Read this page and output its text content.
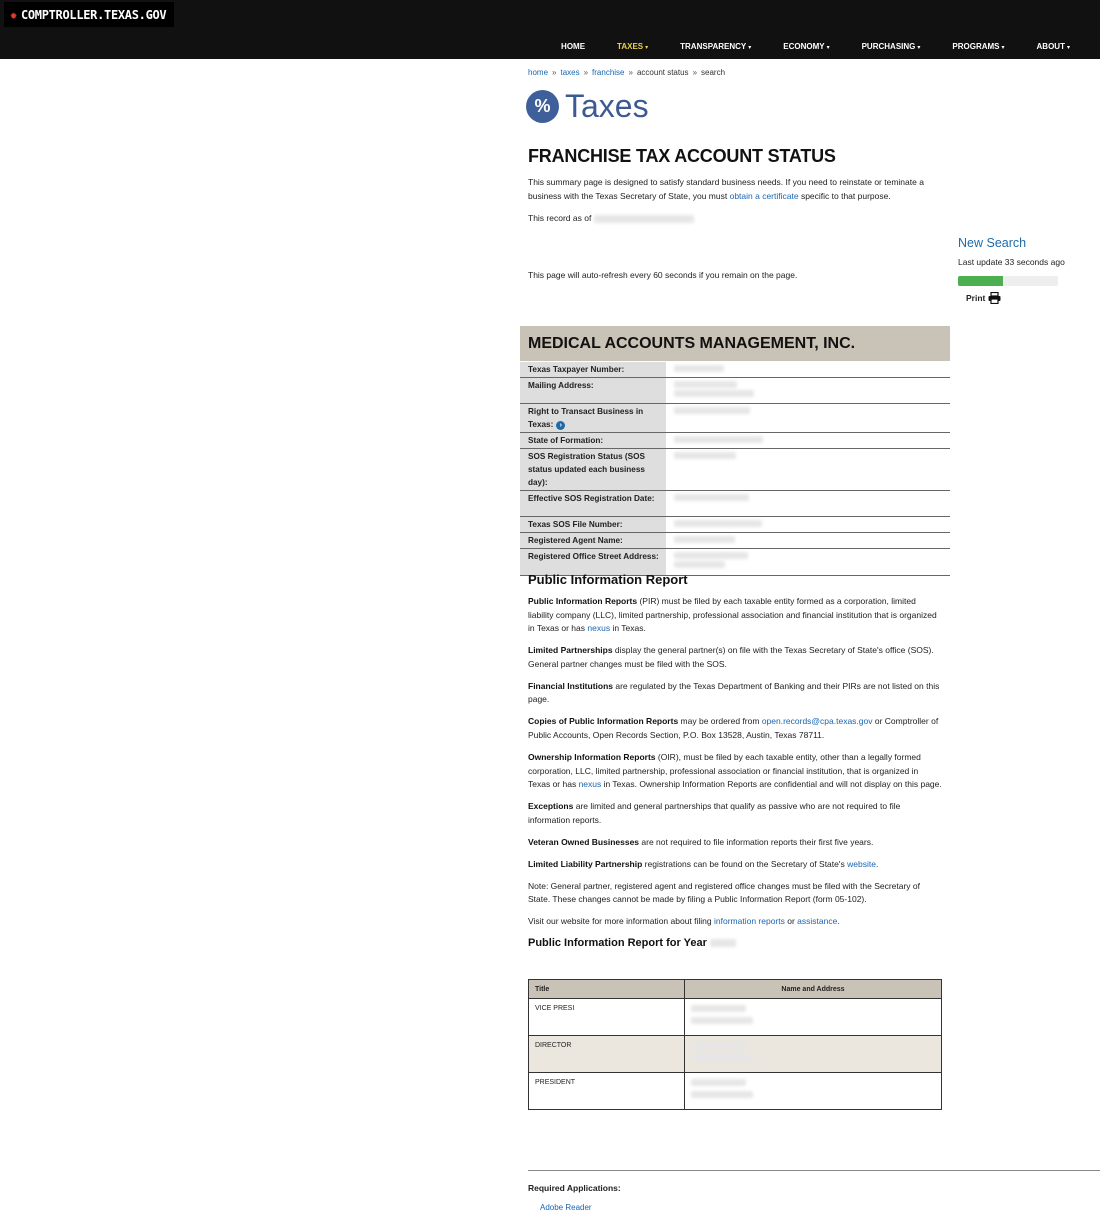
✹ COMPTROLLER.TEXAS.GOV
HOME	TAXES ▾	TRANSPARENCY ▾	ECONOMY ▾	PURCHASING ▾	PROGRAMS ▾	ABOUT ▾
home » taxes » franchise » account status » search
% Taxes
FRANCHISE TAX ACCOUNT STATUS
This summary page is designed to satisfy standard business needs. If you need to reinstate or teminate a business with the Texas Secretary of State, you must obtain a certificate specific to that purpose.
This record as of
This page will auto-refresh every 60 seconds if you remain on the page.
New Search
Last update 33 seconds ago
Print
MEDICAL ACCOUNTS MANAGEMENT, INC.
Texas Taxpayer Number:	

Mailing Address:	

Right to Transact Business in Texas: ›	

State of Formation:	

SOS Registration Status (SOS status updated each business day):	

Effective SOS Registration Date:	

Texas SOS File Number:	

Registered Agent Name:	

Registered Office Street Address:	

Public Information Report

Public Information Reports (PIR) must be filed by each taxable entity formed as a corporation, limited liability company (LLC), limited partnership, professional association and financial institution that is organized in Texas or has nexus in Texas.

Limited Partnerships display the general partner(s) on file with the Texas Secretary of State's office (SOS). General partner changes must be filed with the SOS.

Financial Institutions are regulated by the Texas Department of Banking and their PIRs are not listed on this page.

Copies of Public Information Reports may be ordered from open.records@cpa.texas.gov or Comptroller of Public Accounts, Open Records Section, P.O. Box 13528, Austin, Texas 78711.

Ownership Information Reports (OIR), must be filed by each taxable entity, other than a legally formed corporation, LLC, limited partnership, professional association or financial institution, that is organized in Texas or has nexus in Texas. Ownership Information Reports are confidential and will not display on this page.

Exceptions are limited and general partnerships that qualify as passive who are not required to file information reports.

Veteran Owned Businesses are not required to file information reports their first five years.

Limited Liability Partnership registrations can be found on the Secretary of State's website.

Note: General partner, registered agent and registered office changes must be filed with the Secretary of State. These changes cannot be made by filing a Public Information Report (form 05-102).

Visit our website for more information about filing information reports or assistance.

Public Information Report for Year
Title	Name and Address
VICE PRESI	

DIRECTOR	

PRESIDENT	
Required Applications:
Adobe Reader
